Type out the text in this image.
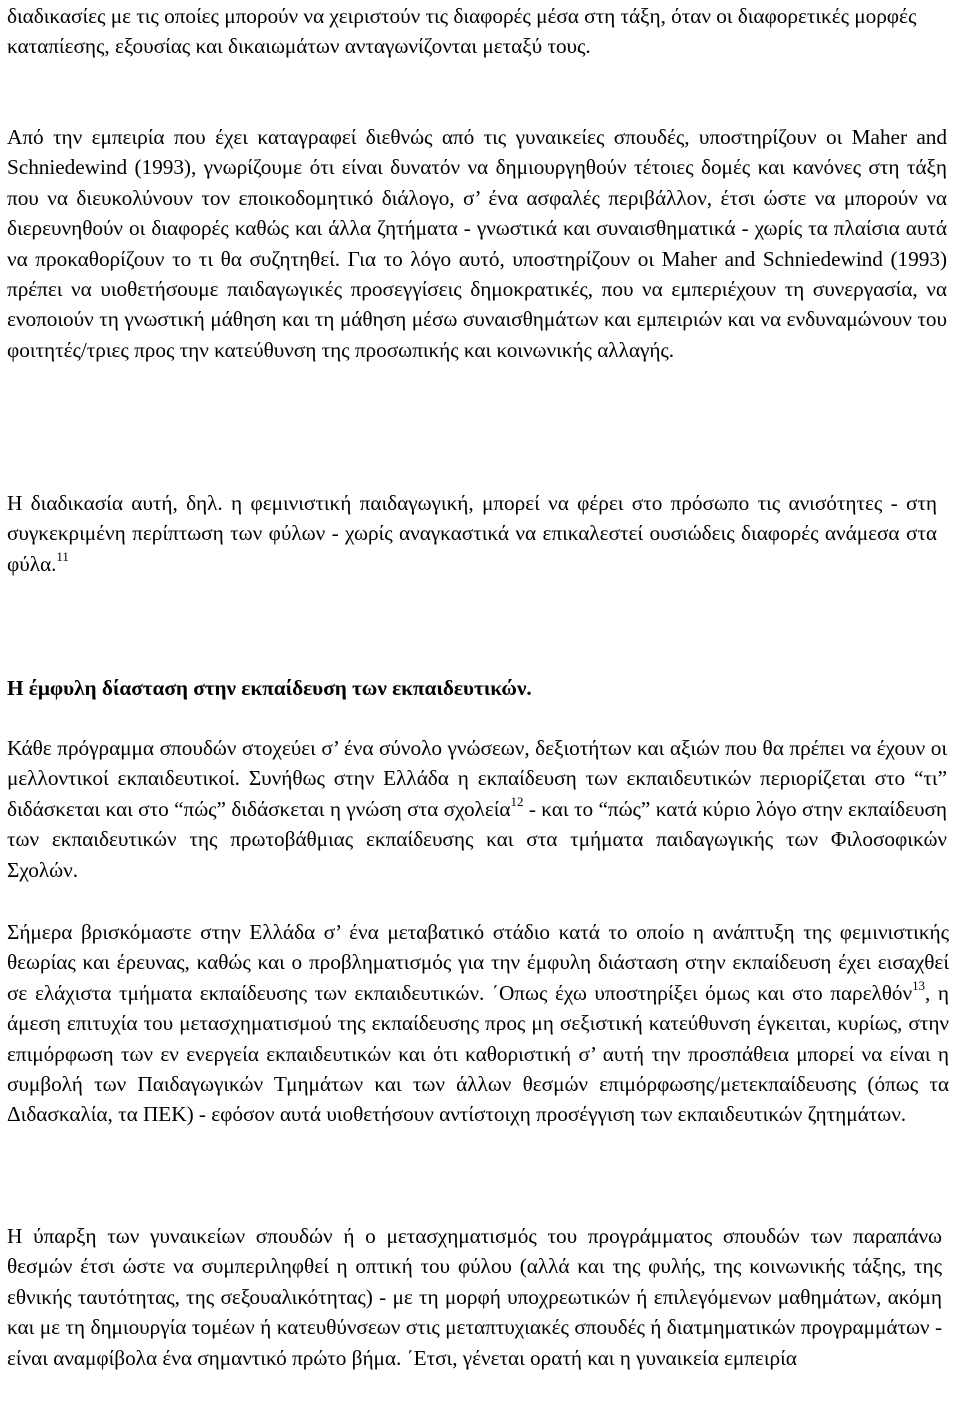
διαδικασίες με τις οποίες μπορούν να χειριστούν τις διαφορές μέσα στη τάξη, όταν οι διαφορετικές μορφές καταπίεσης, εξουσίας και δικαιωμάτων ανταγωνίζονται μεταξύ τους.

Από την εμπειρία που έχει καταγραφεί διεθνώς από τις γυναικείες σπουδές, υποστηρίζουν οι Maher and Schniedewind (1993), γνωρίζουμε ότι είναι δυνατόν να δημιουργηθούν τέτοιες δομές και κανόνες στη τάξη που να διευκολύνουν τον εποικοδομητικό διάλογο, σ’ ένα ασφαλές περιβάλλον, έτσι ώστε να μπορούν να διερευνηθούν οι διαφορές καθώς και άλλα ζητήματα - γνωστικά και συναισθηματικά - χωρίς τα πλαίσια αυτά να προκαθορίζουν το τι θα συζητηθεί. Για το λόγο αυτό, υποστηρίζουν οι Maher and Schniedewind (1993) πρέπει να υιοθετήσουμε παιδαγωγικές προσεγγίσεις δημοκρατικές, που να εμπεριέχουν τη συνεργασία, να ενοποιούν τη γνωστική μάθηση και τη μάθηση μέσω συναισθημάτων και εμπειριών και να ενδυναμώνουν του φοιτητές/τριες προς την κατεύθυνση της προσωπικής και κοινωνικής αλλαγής.

Η διαδικασία αυτή, δηλ. η φεμινιστική παιδαγωγική, μπορεί να φέρει στο πρόσωπο τις ανισότητες - στη συγκεκριμένη περίπτωση των φύλων - χωρίς αναγκαστικά να επικαλεστεί ουσιώδεις διαφορές ανάμεσα στα φύλα.$^{11}$

Η έμφυλη δίασταση στην εκπαίδευση των εκπαιδευτικών.

Κάθε πρόγραμμα σπουδών στοχεύει σ’ ένα σύνολο γνώσεων, δεξιοτήτων και αξιών που θα πρέπει να έχουν οι μελλοντικοί εκπαιδευτικοί. Συνήθως στην Ελλάδα η εκπαίδευση των εκπαιδευτικών περιορίζεται στο “τι” διδάσκεται και στο “πώς” διδάσκεται η γνώση στα σχολεία$^{12}$ - και το “πώς” κατά κύριο λόγο στην εκπαίδευση των εκπαιδευτικών της πρωτοβάθμιας εκπαίδευσης και στα τμήματα παιδαγωγικής των Φιλοσοφικών Σχολών.

Σήμερα βρισκόμαστε στην Ελλάδα σ’ ένα μεταβατικό στάδιο κατά το οποίο η ανάπτυξη της φεμινιστικής θεωρίας και έρευνας, καθώς και ο προβληματισμός για την έμφυλη διάσταση στην εκπαίδευση έχει εισαχθεί σε ελάχιστα τμήματα εκπαίδευσης των εκπαιδευτικών. ΄Οπως έχω υποστηρίξει όμως και στο παρελθόν$^{13}$, η άμεση επιτυχία του μετασχηματισμού της εκπαίδευσης προς μη σεξιστική κατεύθυνση έγκειται, κυρίως, στην επιμόρφωση των εν ενεργεία εκπαιδευτικών και ότι καθοριστική σ’ αυτή την προσπάθεια μπορεί να είναι η συμβολή των Παιδαγωγικών Τμημάτων και των άλλων θεσμών επιμόρφωσης/μετεκπαίδευσης (όπως τα Διδασκαλία, τα ΠΕΚ) - εφόσον αυτά υιοθετήσουν αντίστοιχη προσέγγιση των εκπαιδευτικών ζητημάτων.

Η ύπαρξη των γυναικείων σπουδών ή ο μετασχηματισμός του προγράμματος σπουδών των παραπάνω θεσμών έτσι ώστε να συμπεριληφθεί η οπτική του φύλου (αλλά και της φυλής, της κοινωνικής τάξης, της εθνικής ταυτότητας, της σεξουαλικότητας) - με τη μορφή υποχρεωτικών ή επιλεγόμενων μαθημάτων, ακόμη και με τη δημιουργία τομέων ή κατευθύνσεων στις μεταπτυχιακές σπουδές ή διατμηματικών προγραμμάτων - είναι αναμφίβολα ένα σημαντικό πρώτο βήμα. ΄Ετσι, γένεται ορατή και η γυναικεία εμπειρία
